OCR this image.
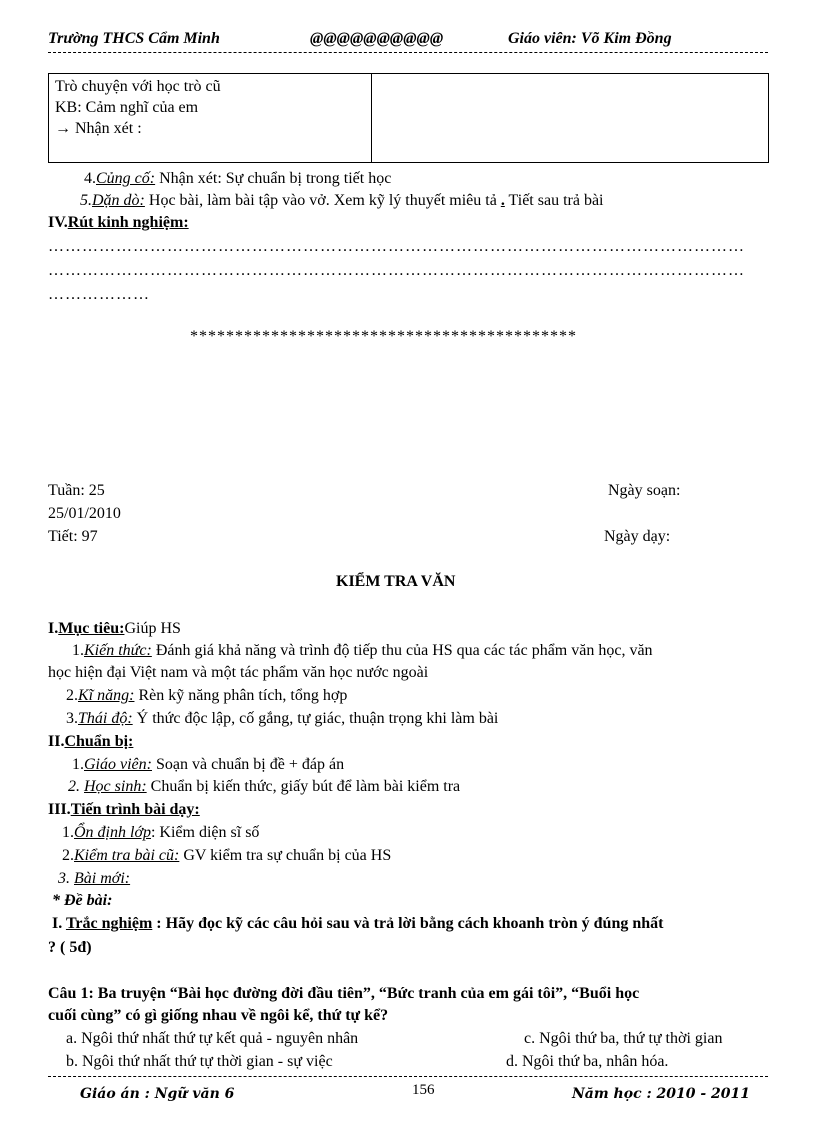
Trường THCS Cẩm Minh	@@@@@@@@@@	Giáo viên: Võ Kim Đồng
Trò chuyện với học trò cũ
KB: Cảm nghĩ của em
→ Nhận xét :

4.Củng cố: Nhận xét: Sự chuẩn bị trong tiết học
5.Dặn dò: Học bài, làm bài tập vào vở. Xem kỹ lý thuyết miêu tả . Tiết sau trả bài
IV.Rút kinh nghiệm:
……………………………………………………………………………………………………………
……………………………………………………………………………………………………………
………………
*******************************************
Tuần: 25	Ngày soạn:
25/01/2010
Tiết: 97	Ngày dạy:
KIỂM TRA VĂN
I.Mục tiêu:Giúp HS
1.Kiến thức: Đánh giá khả năng và trình độ tiếp thu của HS qua các tác phẩm văn học, văn
học hiện đại Việt nam và một tác phẩm văn học nước ngoài
2.Kĩ năng: Rèn kỹ năng phân tích, tổng hợp
3.Thái độ: Ý thức độc lập, cố gắng, tự giác, thuận trọng khi làm bài
II.Chuẩn bị:
1.Giáo viên: Soạn và chuẩn bị đề + đáp án
2. Học sinh: Chuẩn bị kiến thức, giấy bút để làm bài kiểm tra
III.Tiến trình bài dạy:
1.Ổn định lớp: Kiểm diện sĩ số
2.Kiểm tra bài cũ: GV kiểm tra sự chuẩn bị của HS
3. Bài mới:
* Đề bài:
I. Trắc nghiệm : Hãy đọc kỹ các câu hỏi sau và trả lời bằng cách khoanh tròn ý đúng nhất
? ( 5đ)
Câu 1: Ba truyện “Bài học đường đời đầu tiên”, “Bức tranh của em gái tôi”, “Buổi học
cuối cùng” có gì giống nhau về ngôi kể, thứ tự kể?
a. Ngôi thứ nhất thứ tự kết quả - nguyên nhân	c. Ngôi thứ ba, thứ tự thời gian
b. Ngôi thứ nhất thứ tự thời gian - sự việc	d. Ngôi thứ ba, nhân hóa.
Giáo án : Ngữ văn 6	156	Năm học : 2010 - 2011
